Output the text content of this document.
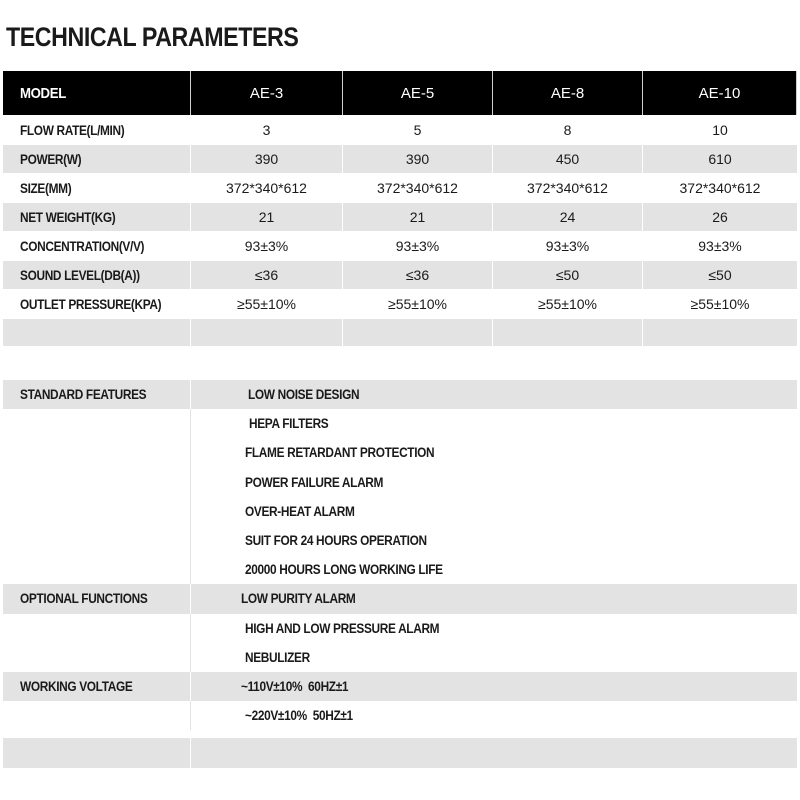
TECHNICAL PARAMETERS
MODEL	AE-3	AE-5	AE-8	AE-10
FLOW RATE(L/MIN)	3	5	8	10
POWER(W)	390	390	450	610
SIZE(MM)	372*340*612	372*340*612	372*340*612	372*340*612
NET WEIGHT(KG)	21	21	24	26
CONCENTRATION(V/V)	93±3%	93±3%	93±3%	93±3%
SOUND LEVEL(DB(A))	≤36	≤36	≤50	≤50
OUTLET PRESSURE(KPA)	≥55±10%	≥55±10%	≥55±10%	≥55±10%
STANDARD FEATURES	LOW NOISE DESIGN
HEPA FILTERS
FLAME RETARDANT PROTECTION
POWER FAILURE ALARM
OVER-HEAT ALARM
SUIT FOR 24 HOURS OPERATION
20000 HOURS LONG WORKING LIFE
OPTIONAL FUNCTIONS	LOW PURITY ALARM
HIGH AND LOW PRESSURE ALARM
NEBULIZER
WORKING VOLTAGE	~110V±10%  60HZ±1
~220V±10%  50HZ±1
